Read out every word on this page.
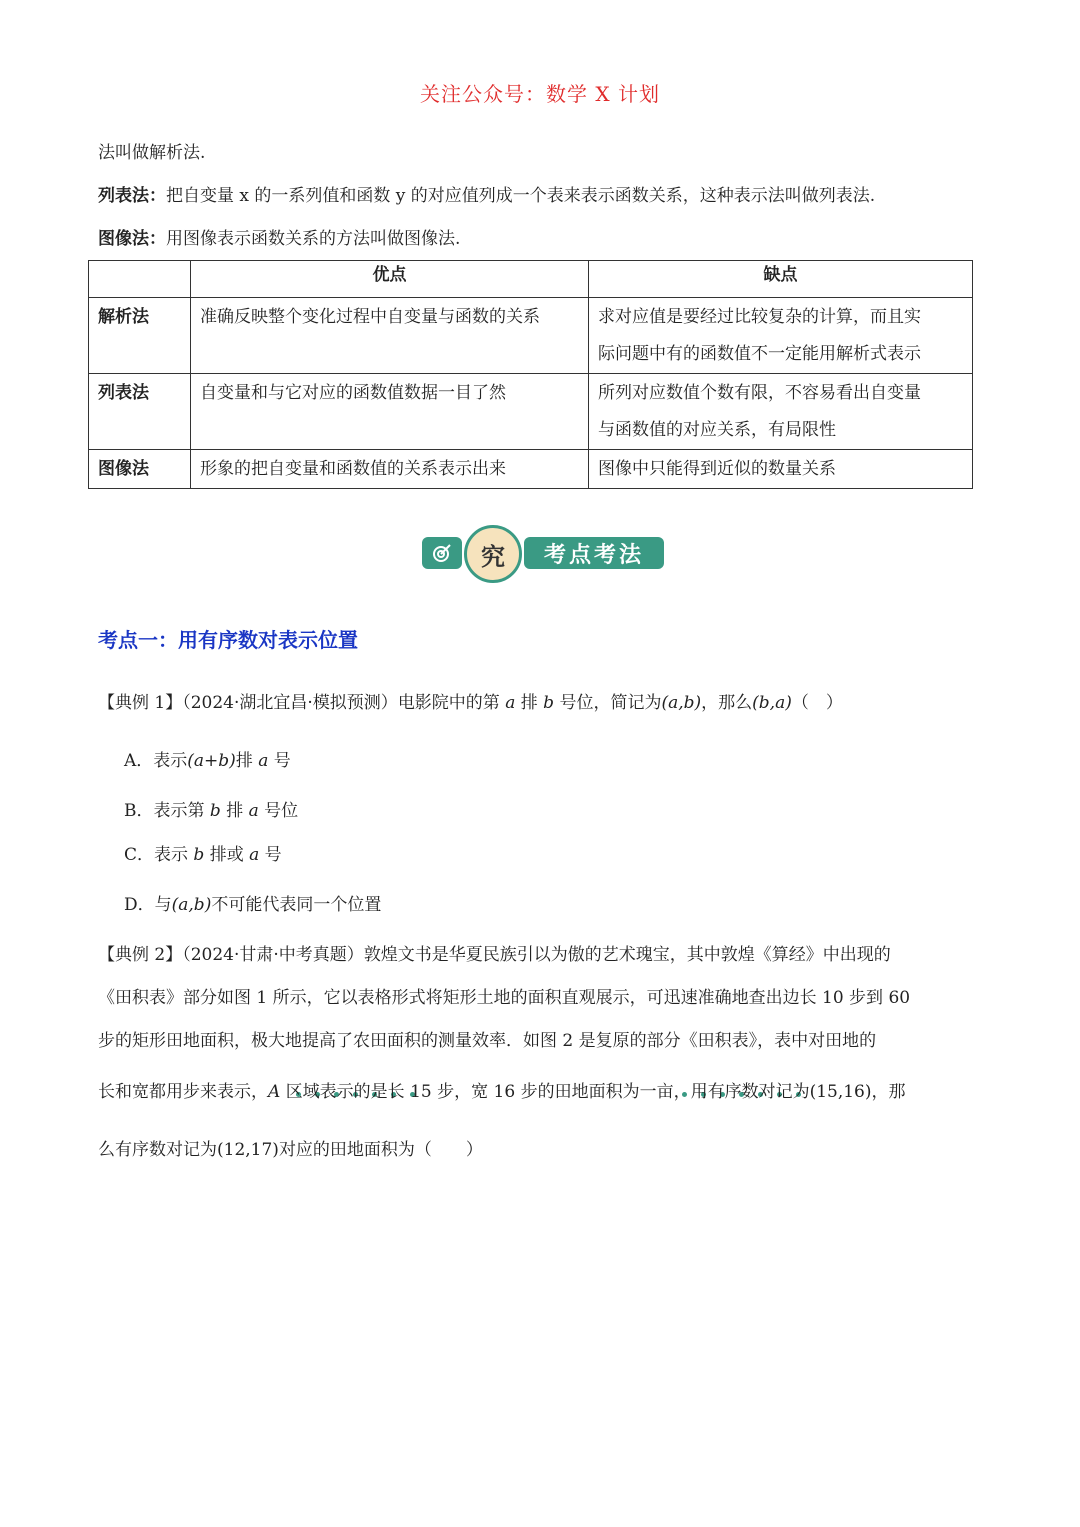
关注公众号：数学 X 计划
法叫做解析法.
列表法：把自变量 x 的一系列值和函数 y 的对应值列成一个表来表示函数关系，这种表示法叫做列表法.
图像法：用图像表示函数关系的方法叫做图像法.
	优点	缺点
解析法	准确反映整个变化过程中自变量与函数的关系	求对应值是要经过比较复杂的计算，而且实
际问题中有的函数值不一定能用解析式表示

列表法	自变量和与它对应的函数值数据一目了然	所列对应数值个数有限，不容易看出自变量
与函数值的对应关系，有局限性

图像法	形象的把自变量和函数值的关系表示出来	图像中只能得到近似的数量关系
究	考点考法
考点一：用有序数对表示位置
【典例 1】（2024·湖北宜昌·模拟预测）电影院中的第 a 排 b 号位，简记为(a,b)，那么(b,a)（　）
A．表示(a+b)排 a 号
B．表示第 b 排 a 号位
C．表示 b 排或 a 号
D．与(a,b)不可能代表同一个位置
【典例 2】（2024·甘肃·中考真题）敦煌文书是华夏民族引以为傲的艺术瑰宝，其中敦煌《算经》中出现的
《田积表》部分如图 1 所示，它以表格形式将矩形土地的面积直观展示，可迅速准确地查出边长 10 步到 60
步的矩形田地面积，极大地提高了农田面积的测量效率．如图 2 是复原的部分《田积表》，表中对田地的
长和宽都用步来表示，A 区域表示的是长 15 步，宽 16 步的田地面积为一亩，用有序数对记为(15,16)，那
么有序数对记为(12,17)对应的田地面积为（　　）
